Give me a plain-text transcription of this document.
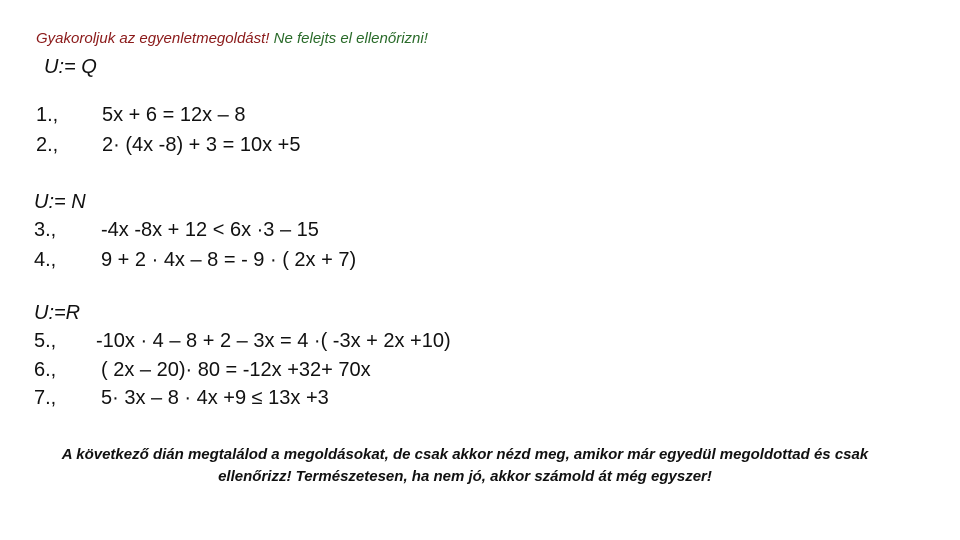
Gyakoroljuk az egyenletmegoldást! Ne felejts el ellenőrizni!
U:= Q
1., 5x + 6 = 12x – 8
2., 2· (4x -8) + 3 = 10x +5
U:= N
3., -4x -8x + 12 < 6x ·3 – 15
4., 9 + 2 · 4x – 8 = - 9 · ( 2x + 7)
U:=R
5., -10x · 4 – 8 + 2 – 3x = 4 ·( -3x + 2x +10)
6., ( 2x – 20)· 80 = -12x +32+ 70x
7., 5· 3x – 8 · 4x +9 ≤ 13x +3
A következő dián megtalálod a megoldásokat, de csak akkor nézd meg, amikor már egyedül megoldottad és csak ellenőrizz! Természetesen, ha nem jó, akkor számold át még egyszer!
